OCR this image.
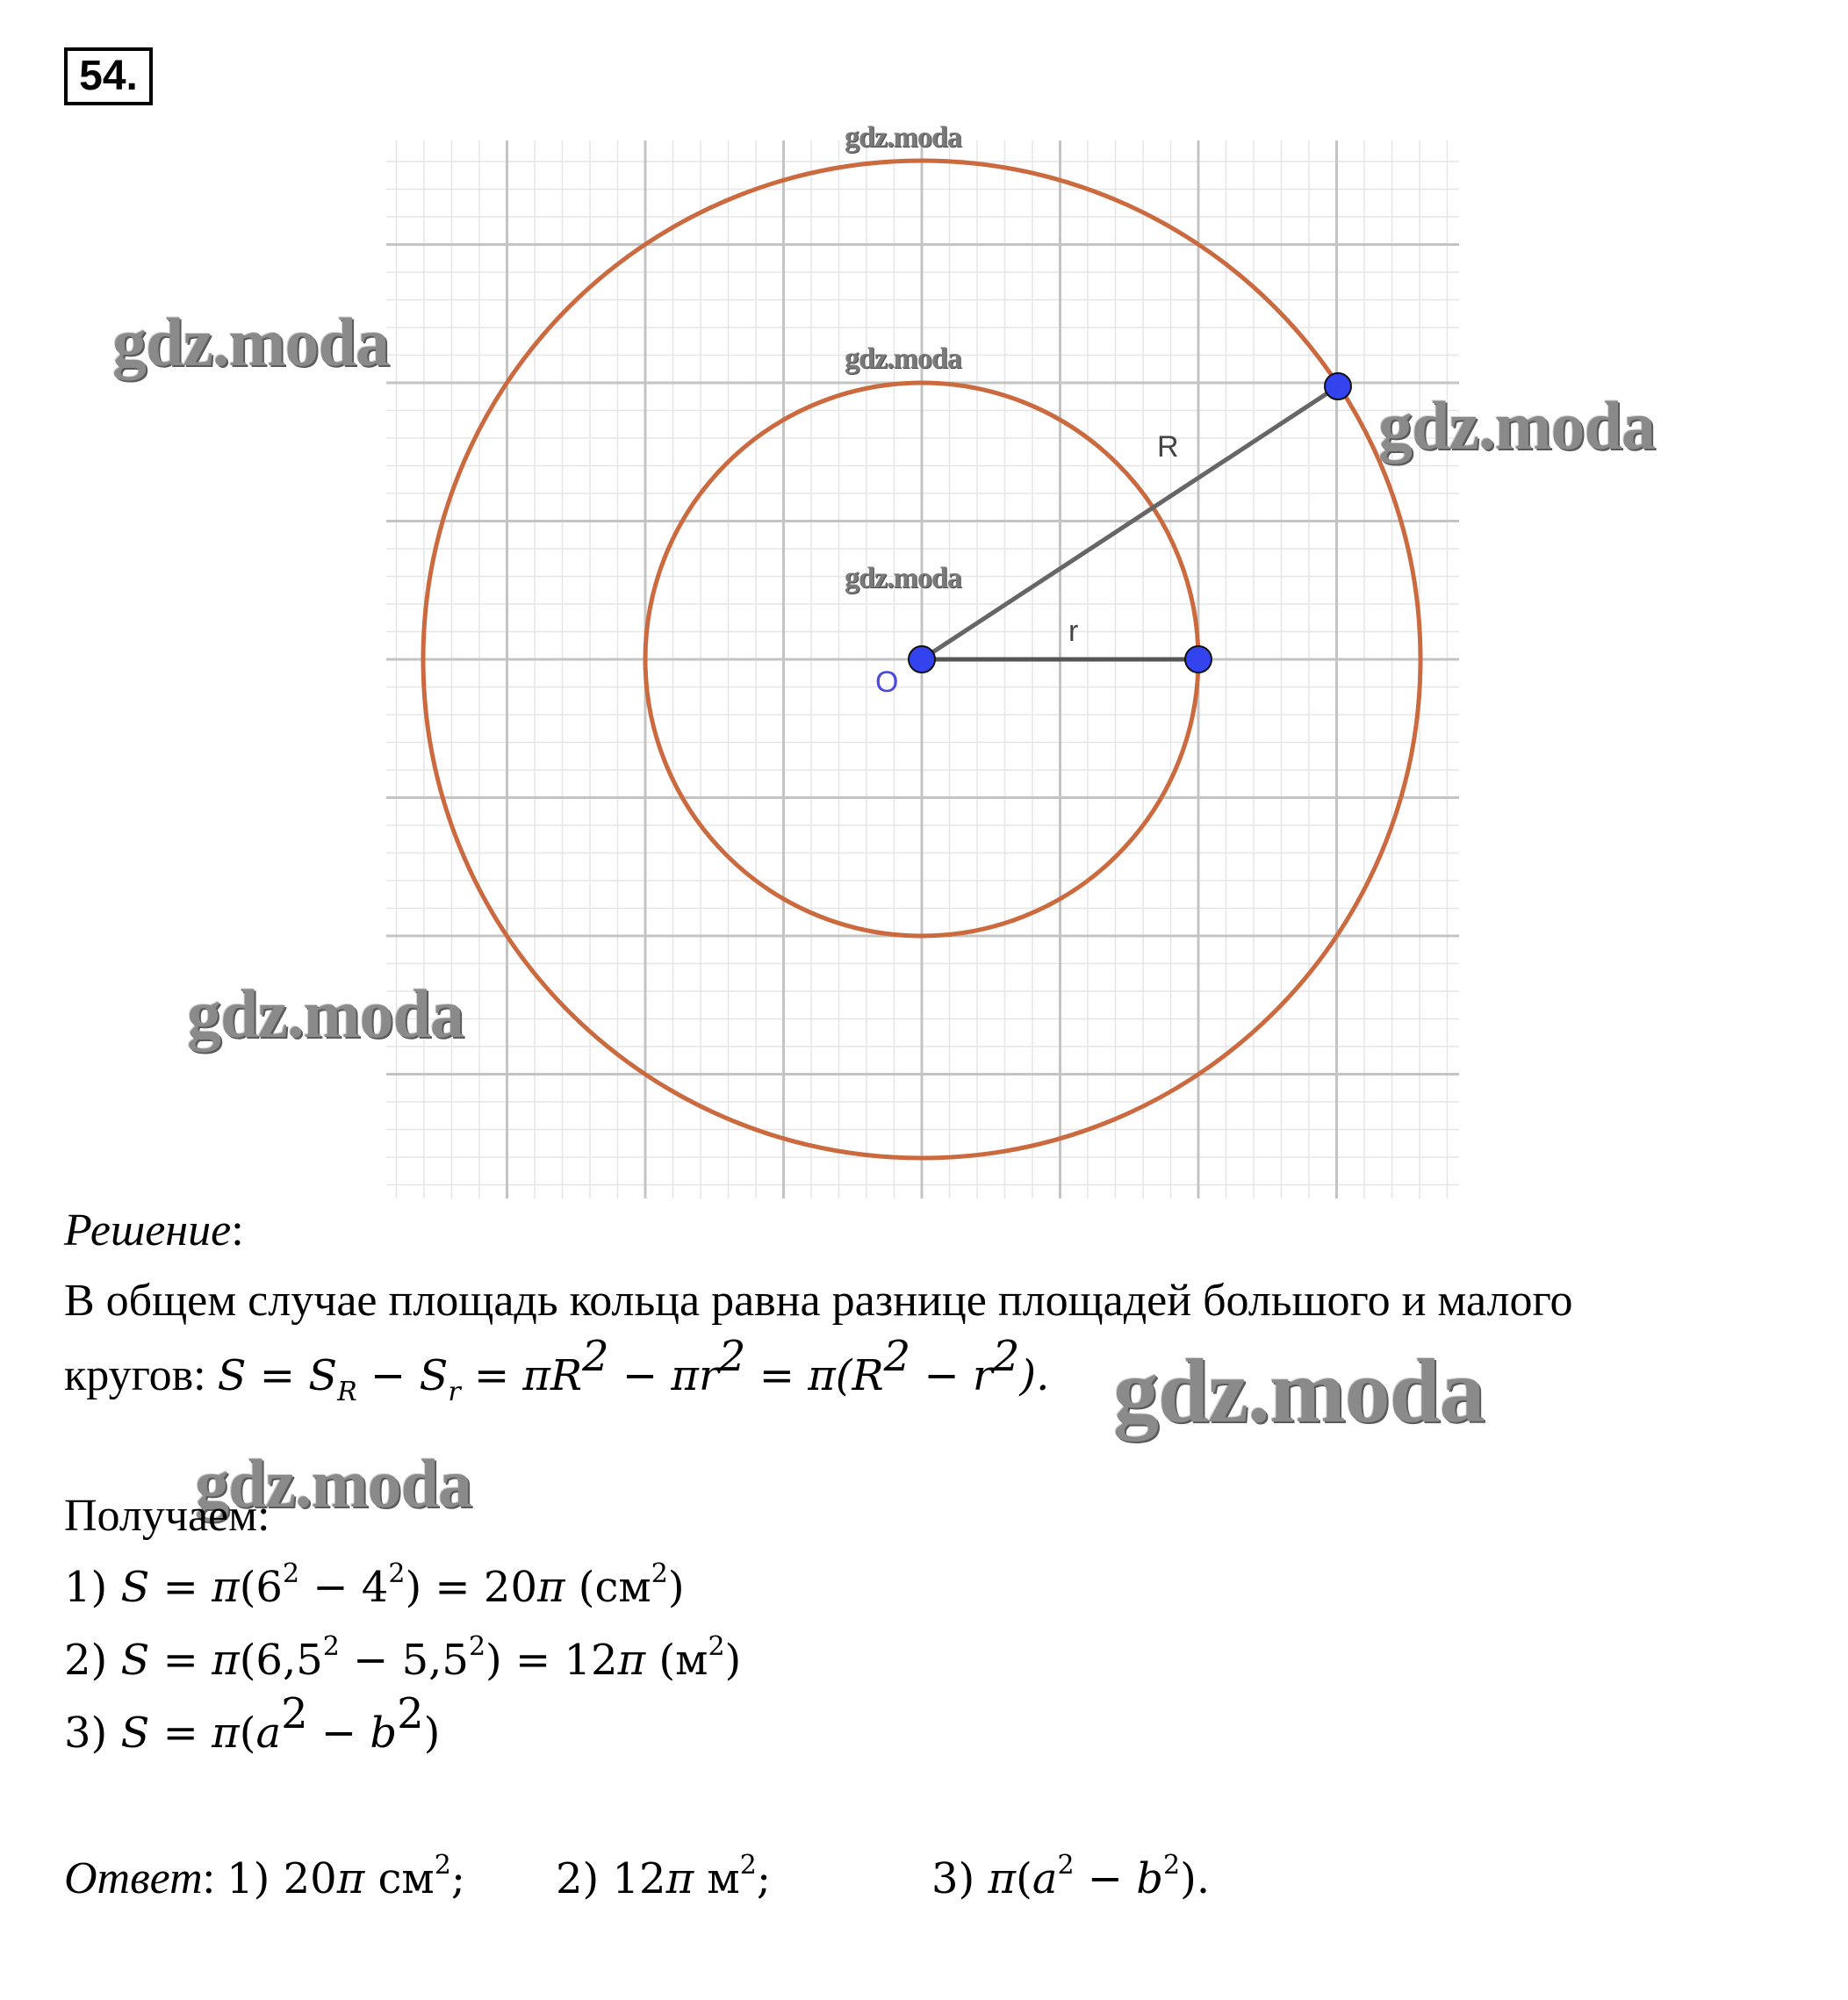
54.
O
R
r
gdz.moda
gdz.moda
gdz.moda
gdz.moda
gdz.moda
gdz.moda
gdz.moda
gdz.moda
Решение:
В общем случае площадь кольца равна разнице площадей большого и малого
кругов: $S = S_R - S_r = \pi R^2 - \pi r^2 = \pi(R^2 - r^2)$.
Получаем:
1) $S = \pi(6^2 - 4^2) = 20\pi$ $(см^2)$
2) $S = \pi(6,5^2 - 5,5^2) = 12\pi$ $(м^2)$
3) $S = \pi(a^2 - b^2)$
Ответ: 1) 20π $см^2$; 2) 12π $м^2$;	3) $\pi(a^2 - b^2)$.
